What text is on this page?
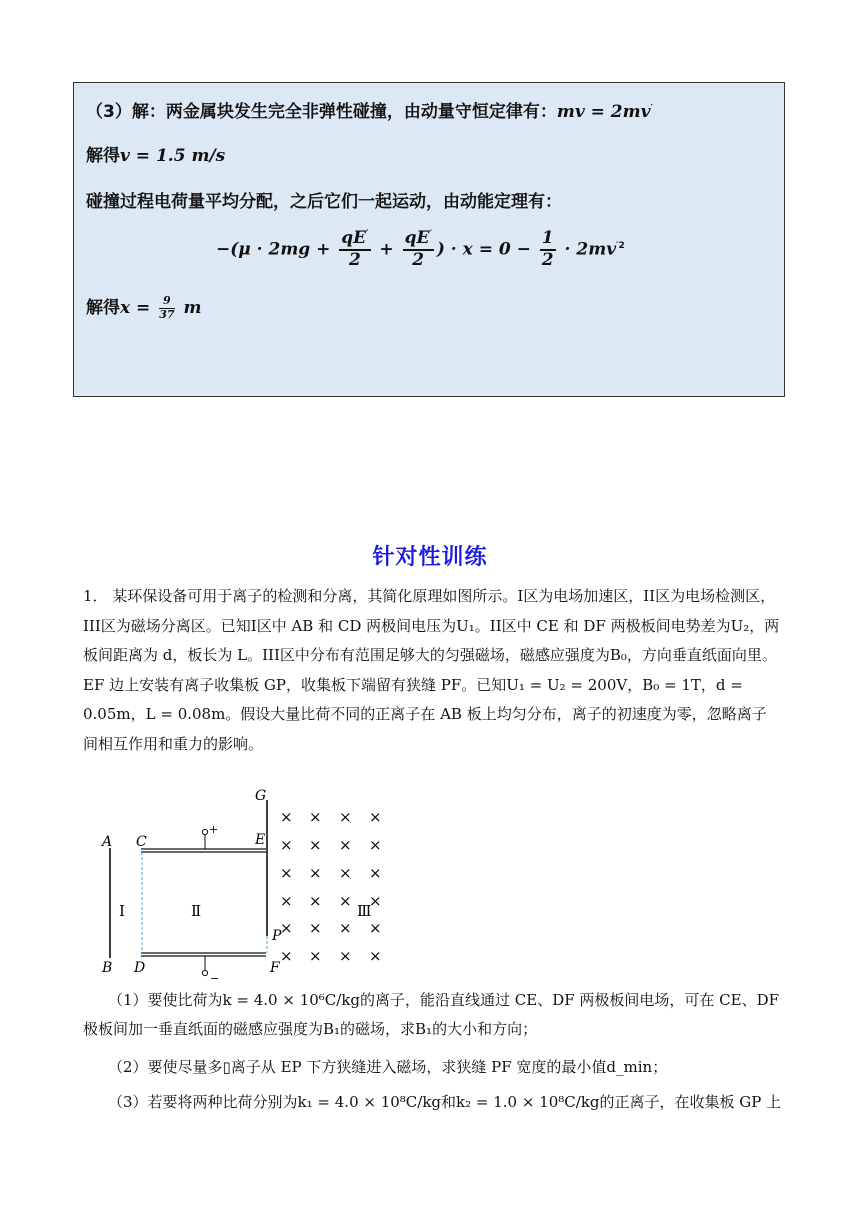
（3）解：两金属块发生完全非弹性碰撞，由动量守恒定律有：mv = 2mv′
解得v = 1.5 m/s
碰撞过程电荷量平均分配，之后它们一起运动，由动能定理有：
$-(\mu \cdot 2mg + \frac{qE'}{2} + \frac{qE'}{2}$ ) · $x = 0 - \frac{1}{2} \cdot 2mv^{'2}$
解得$x = \frac{9}{37}$ m
针对性训练

1． 某环保设备可用于离子的检测和分离，其简化原理如图所示。I区为电场加速区，II区为电场检测区，III区为磁场分离区。已知I区中 AB 和 CD 两极间电压为U₁。II区中 CE 和 DF 两极板间电势差为U₂，两板间距离为 d，板长为 L。III区中分布有范围足够大的匀强磁场，磁感应强度为B₀，方向垂直纸面向里。EF 边上安装有离子收集板 GP，收集板下端留有狭缝 PF。已知U₁ = U₂ = 200V，B₀ = 1T，d = 0.05m，L = 0.08m。假设大量比荷不同的正离子在 AB 板上均匀分布，离子的初速度为零，忽略离子间相互作用和重力的影响。

A
B
C
D
E
F
G
P
I	Ⅱ	Ⅲ
+
−
× × × ×
× × × ×
× × × ×
× × × ×
× × × ×
× × × ×

（1）要使比荷为k = 4.0 × 10⁶C/kg的离子，能沿直线通过 CE、DF 两极板间电场，可在 CE、DF

极板间加一垂直纸面的磁感应强度为B₁的磁场，求B₁的大小和方向；

（2）要使尽量多▯离子从 EP 下方狭缝进入磁场，求狭缝 PF 宽度的最小值d_min；

（3）若要将两种比荷分别为k₁ = 4.0 × 10⁸C/kg和k₂ = 1.0 × 10⁸C/kg的正离子，在收集板 GP 上
